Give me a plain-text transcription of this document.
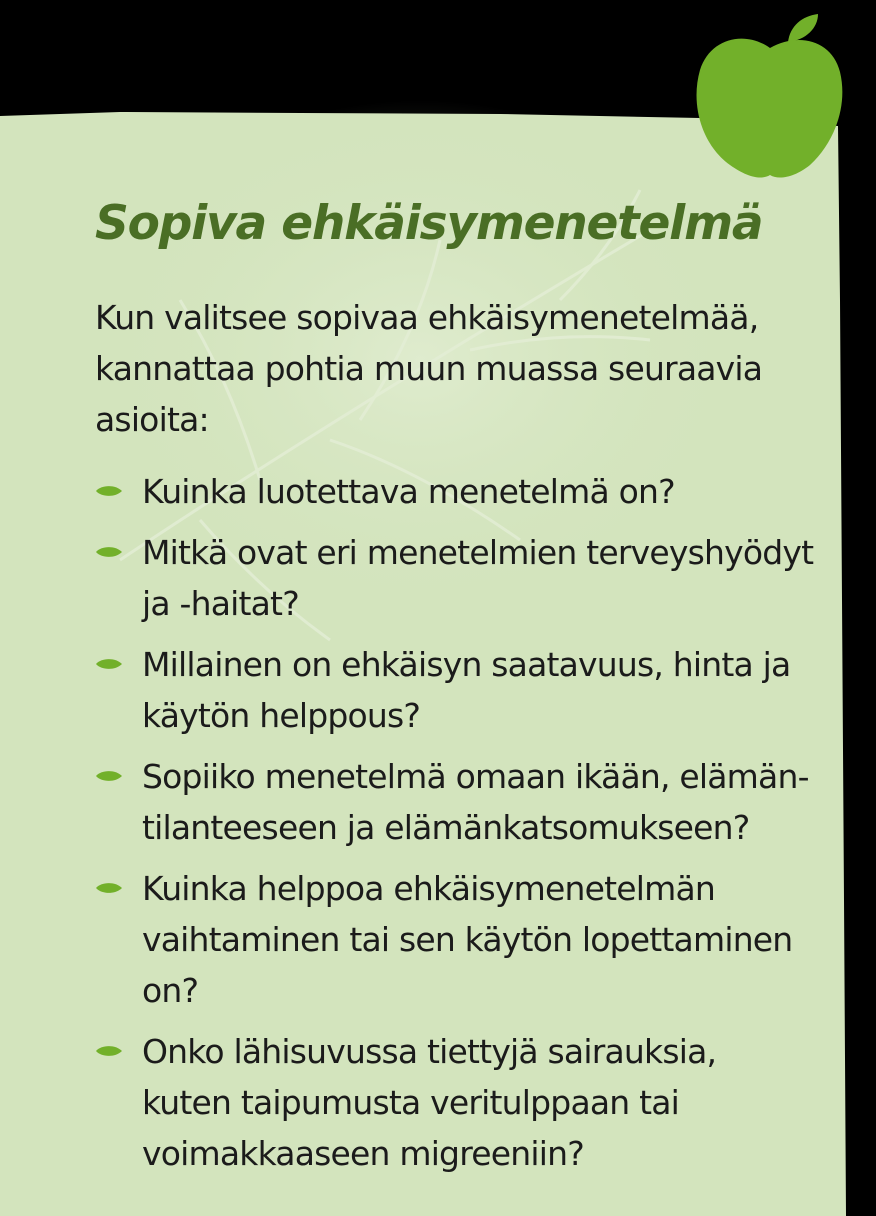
Sopiva ehkäisymenetelmä

Kun valitsee sopivaa ehkäisymenetelmää, kannattaa pohtia muun muassa seuraavia asioita:

Kuinka luotettava menetelmä on?
Mitkä ovat eri menetelmien terveyshyödyt ja -haitat?
Millainen on ehkäisyn saatavuus, hinta ja käytön helppous?
Sopiiko menetelmä omaan ikään, elämän-tilanteeseen ja elämänkatsomukseen?
Kuinka helppoa ehkäisymenetelmän vaihtaminen tai sen käytön lopettaminen on?
Onko lähisuvussa tiettyjä sairauksia, kuten taipumusta veritulppaan tai voimakkaaseen migreeniin?
